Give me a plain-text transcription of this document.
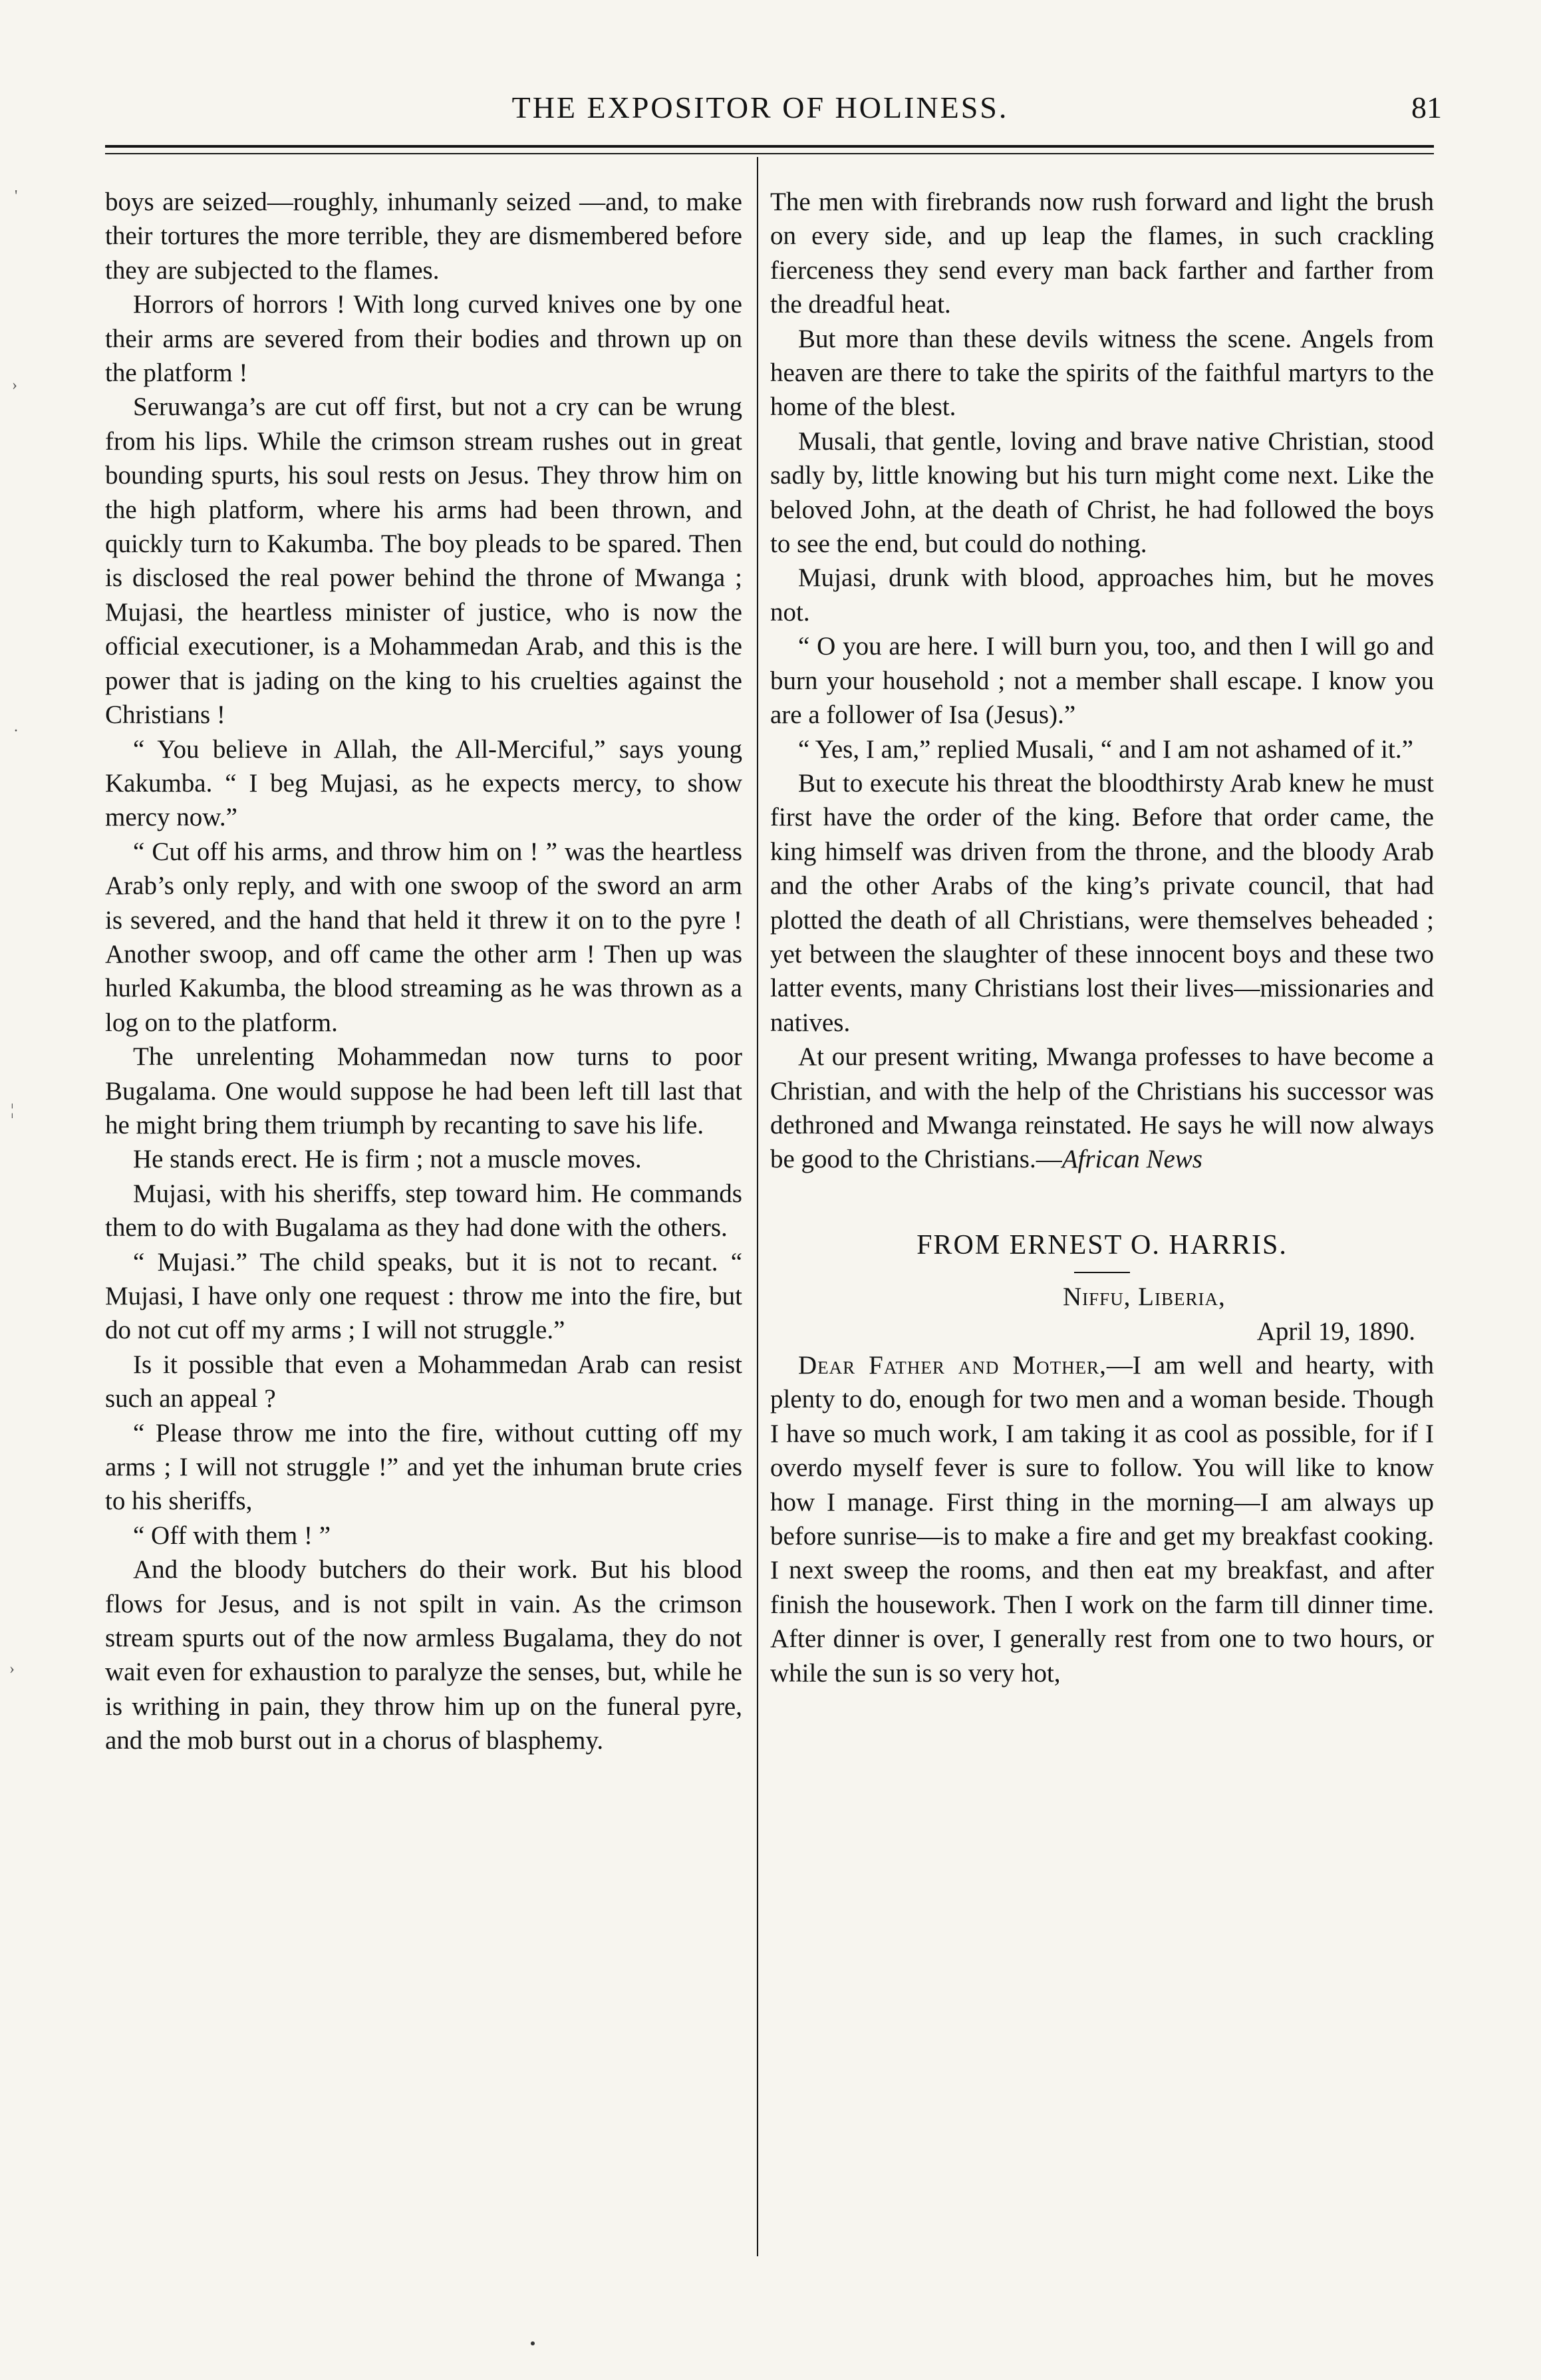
THE EXPOSITOR OF HOLINESS.	81
'
›
·
¦
›

boys are seized—roughly, inhumanly seized —and, to make their tortures the more terrible, they are dismembered before they are subjected to the flames.

Horrors of horrors ! With long curved knives one by one their arms are severed from their bodies and thrown up on the platform !

Seruwanga’s are cut off first, but not a cry can be wrung from his lips. While the crimson stream rushes out in great bounding spurts, his soul rests on Jesus. They throw him on the high platform, where his arms had been thrown, and quickly turn to Kakumba. The boy pleads to be spared. Then is disclosed the real power behind the throne of Mwanga ; Mujasi, the heartless minister of justice, who is now the official executioner, is a Mohammedan Arab, and this is the power that is jading on the king to his cruelties against the Christians !

“ You believe in Allah, the All-Merciful,” says young Kakumba. “ I beg Mujasi, as he expects mercy, to show mercy now.”

“ Cut off his arms, and throw him on ! ” was the heartless Arab’s only reply, and with one swoop of the sword an arm is severed, and the hand that held it threw it on to the pyre ! Another swoop, and off came the other arm ! Then up was hurled Kakumba, the blood streaming as he was thrown as a log on to the platform.

The unrelenting Mohammedan now turns to poor Bugalama. One would suppose he had been left till last that he might bring them triumph by recanting to save his life.

He stands erect. He is firm ; not a muscle moves.

Mujasi, with his sheriffs, step toward him. He commands them to do with Bugalama as they had done with the others.

“ Mujasi.” The child speaks, but it is not to recant. “ Mujasi, I have only one request : throw me into the fire, but do not cut off my arms ; I will not struggle.”

Is it possible that even a Mohammedan Arab can resist such an appeal ?

“ Please throw me into the fire, without cutting off my arms ; I will not struggle !” and yet the inhuman brute cries to his sheriffs,

“ Off with them ! ”

And the bloody butchers do their work. But his blood flows for Jesus, and is not spilt in vain. As the crimson stream spurts out of the now armless Bugalama, they do not wait even for exhaustion to paralyze the senses, but, while he is writhing in pain, they throw him up on the funeral pyre, and the mob burst out in a chorus of blasphemy.

The men with firebrands now rush forward and light the brush on every side, and up leap the flames, in such crackling fierceness they send every man back farther and farther from the dreadful heat.

But more than these devils witness the scene. Angels from heaven are there to take the spirits of the faithful martyrs to the home of the blest.

Musali, that gentle, loving and brave native Christian, stood sadly by, little knowing but his turn might come next. Like the beloved John, at the death of Christ, he had followed the boys to see the end, but could do nothing.

Mujasi, drunk with blood, approaches him, but he moves not.

“ O you are here. I will burn you, too, and then I will go and burn your household ; not a member shall escape. I know you are a follower of Isa (Jesus).”

“ Yes, I am,” replied Musali, “ and I am not ashamed of it.”

But to execute his threat the bloodthirsty Arab knew he must first have the order of the king. Before that order came, the king himself was driven from the throne, and the bloody Arab and the other Arabs of the king’s private council, that had plotted the death of all Christians, were themselves beheaded ; yet between the slaughter of these innocent boys and these two latter events, many Christians lost their lives—missionaries and natives.

At our present writing, Mwanga professes to have become a Christian, and with the help of the Christians his successor was dethroned and Mwanga reinstated. He says he will now always be good to the Christians.—African News

FROM ERNEST O. HARRIS.

Niffu, Liberia,

April 19, 1890.

Dear Father and Mother,—I am well and hearty, with plenty to do, enough for two men and a woman beside. Though I have so much work, I am taking it as cool as possible, for if I overdo myself fever is sure to follow. You will like to know how I manage. First thing in the morning—I am always up before sunrise—is to make a fire and get my breakfast cooking. I next sweep the rooms, and then eat my breakfast, and after finish the housework. Then I work on the farm till dinner time. After dinner is over, I generally rest from one to two hours, or while the sun is so very hot,
